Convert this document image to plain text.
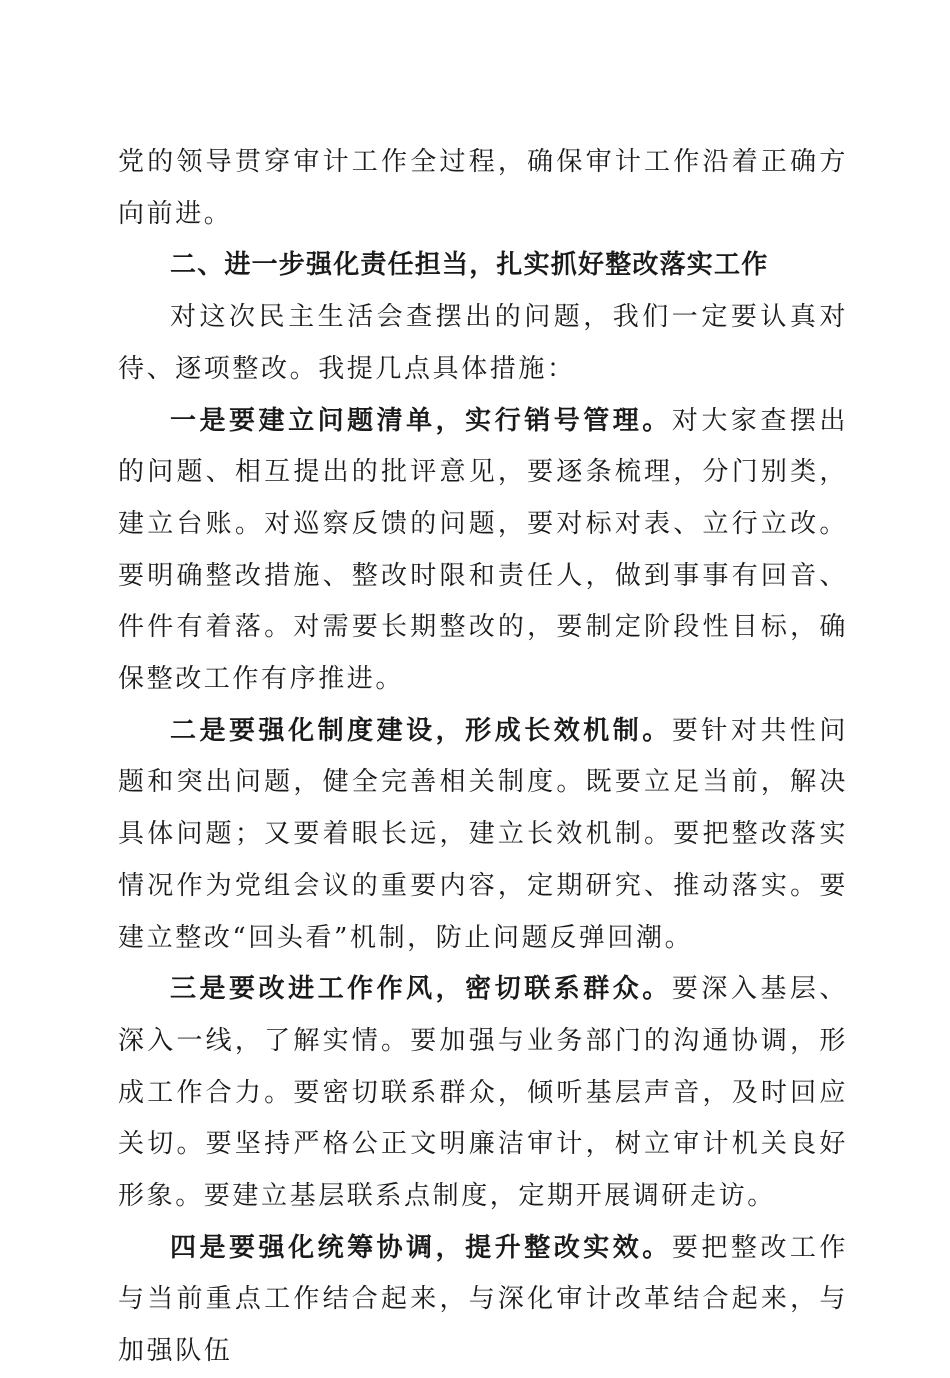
党的领导贯穿审计工作全过程，确保审计工作沿着正确方向前进。

二、进一步强化责任担当，扎实抓好整改落实工作

对这次民主生活会查摆出的问题，我们一定要认真对待、逐项整改。我提几点具体措施：

一是要建立问题清单，实行销号管理。对大家查摆出的问题、相互提出的批评意见，要逐条梳理，分门别类，建立台账。对巡察反馈的问题，要对标对表、立行立改。要明确整改措施、整改时限和责任人，做到事事有回音、件件有着落。对需要长期整改的，要制定阶段性目标，确保整改工作有序推进。

二是要强化制度建设，形成长效机制。要针对共性问题和突出问题，健全完善相关制度。既要立足当前，解决具体问题；又要着眼长远，建立长效机制。要把整改落实情况作为党组会议的重要内容，定期研究、推动落实。要建立整改“回头看”机制，防止问题反弹回潮。

三是要改进工作作风，密切联系群众。要深入基层、深入一线，了解实情。要加强与业务部门的沟通协调，形成工作合力。要密切联系群众，倾听基层声音，及时回应关切。要坚持严格公正文明廉洁审计，树立审计机关良好形象。要建立基层联系点制度，定期开展调研走访。

四是要强化统筹协调，提升整改实效。要把整改工作与当前重点工作结合起来，与深化审计改革结合起来，与加强队伍
